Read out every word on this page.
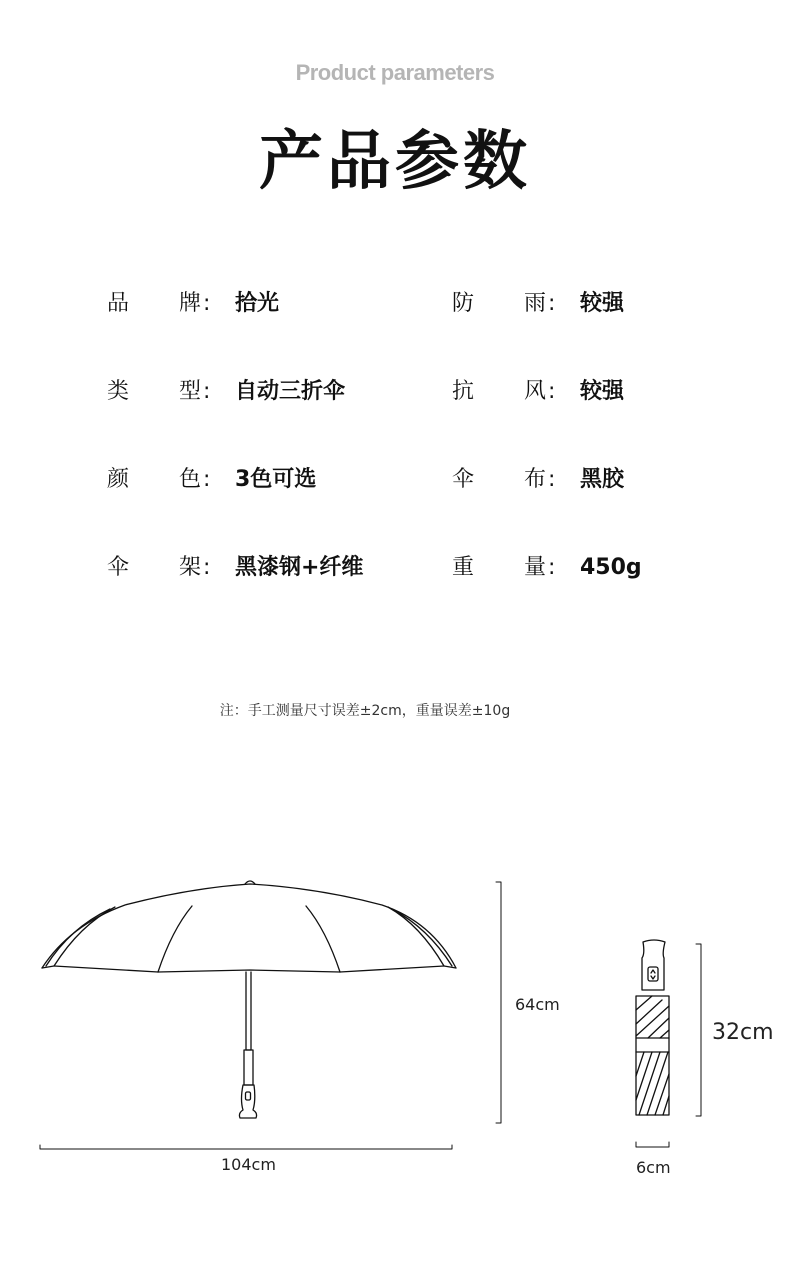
Product parameters
产品参数
品 牌 : 拾光	防 雨 : 较强
类 型 : 自动三折伞	抗 风 : 较强
颜 色 : 3色可选	伞 布 : 黑胶
伞 架 : 黑漆钢+纤维	重 量 : 450g
注：手工测量尺寸误差±2cm，重量误差±10g
104cm
64cm
32cm
6cm
